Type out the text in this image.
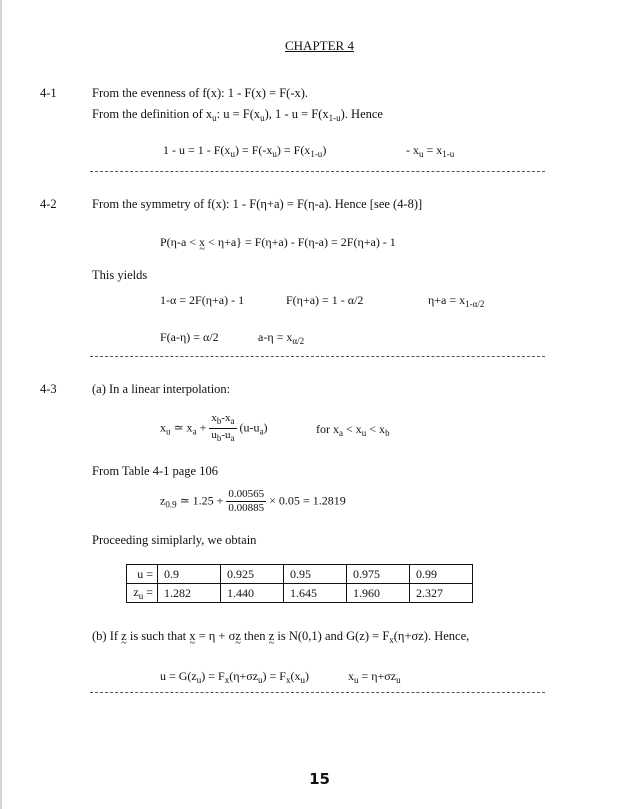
CHAPTER 4
4-1	From the evenness of f(x): 1 - F(x) = F(-x).
From the definition of $x_u$: $u = F(x_u)$, $1 - u = F(x_{1-u})$. Hence
$1 - u = 1 - F(x_u) = F(-x_u) = F(x_{1-u})$	- $x_u = x_{1-u}$
4-2	From the symmetry of f(x): 1 - F(η+a) = F(η-a). Hence [see (4-8)]
P(η-a < x ~ < η+a} = F(η+a) - F(η-a) = 2F(η+a) - 1
This yields
1-α = 2F(η+a) - 1	F(η+a) = 1 - α/2	$\eta+a = x_{1-\alpha/2}$
F(a-η) = α/2	$a-\eta = x_{\alpha/2}$
4-3	(a) In a linear interpolation:
$x_u$ ≃ $x_a + \frac{x_b-x_a}{u_b-u_a} (u-u_a)$	for $x_a < x_u < x_b$
From Table 4-1 page 106
$z_{0.9}$ ≃ $1.25 + \frac{0.00565}{0.00885} \times 0.05 = 1.2819$
Proceeding simiplarly, we obtain
u =	0.9	0.925	0.95	0.975	0.99
$z_u$ =	1.282	1.440	1.645	1.960	2.327
(b) If z ~ is such that x ~ = η + σz ~ then z ~ is N(0,1) and $G(z) = F_x(\eta+\sigma z)$. Hence,
$u = G(z_u) = F_x(\eta+\sigma z_u) = F_x(x_u)$	$x_u = \eta+\sigma z_u$
15
